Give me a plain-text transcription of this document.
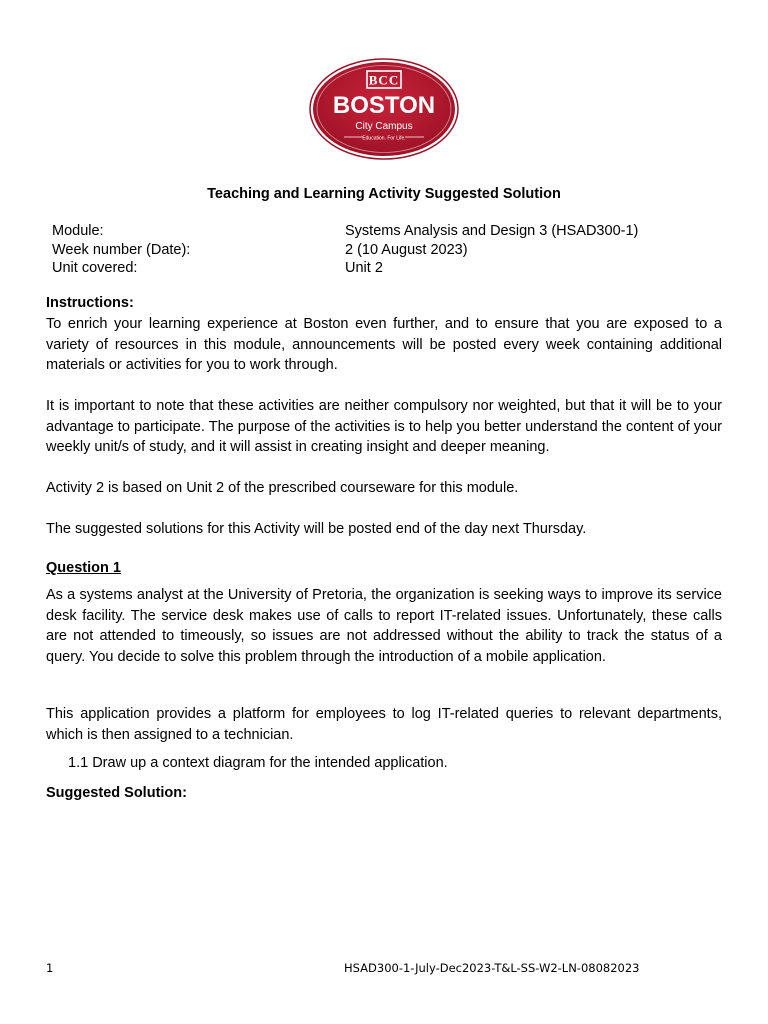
BCC
BOSTON
City Campus
Education. For Life.
Teaching and Learning Activity Suggested Solution
Module:	Systems Analysis and Design 3 (HSAD300-1)
Week number (Date):	2 (10 August 2023)
Unit covered:	Unit 2
Instructions:
To enrich your learning experience at Boston even further, and to ensure that you are exposed to a variety of resources in this module, announcements will be posted every week containing additional materials or activities for you to work through.
It is important to note that these activities are neither compulsory nor weighted, but that it will be to your advantage to participate. The purpose of the activities is to help you better understand the content of your weekly unit/s of study, and it will assist in creating insight and deeper meaning.
Activity 2 is based on Unit 2 of the prescribed courseware for this module.
The suggested solutions for this Activity will be posted end of the day next Thursday.
Question 1
As a systems analyst at the University of Pretoria, the organization is seeking ways to improve its service desk facility. The service desk makes use of calls to report IT-related issues. Unfortunately, these calls are not attended to timeously, so issues are not addressed without the ability to track the status of a query. You decide to solve this problem through the introduction of a mobile application.
This application provides a platform for employees to log IT-related queries to relevant departments, which is then assigned to a technician.
1.1 Draw up a context diagram for the intended application.
Suggested Solution:
1	HSAD300-1-July-Dec2023-T&L-SS-W2-LN-08082023
